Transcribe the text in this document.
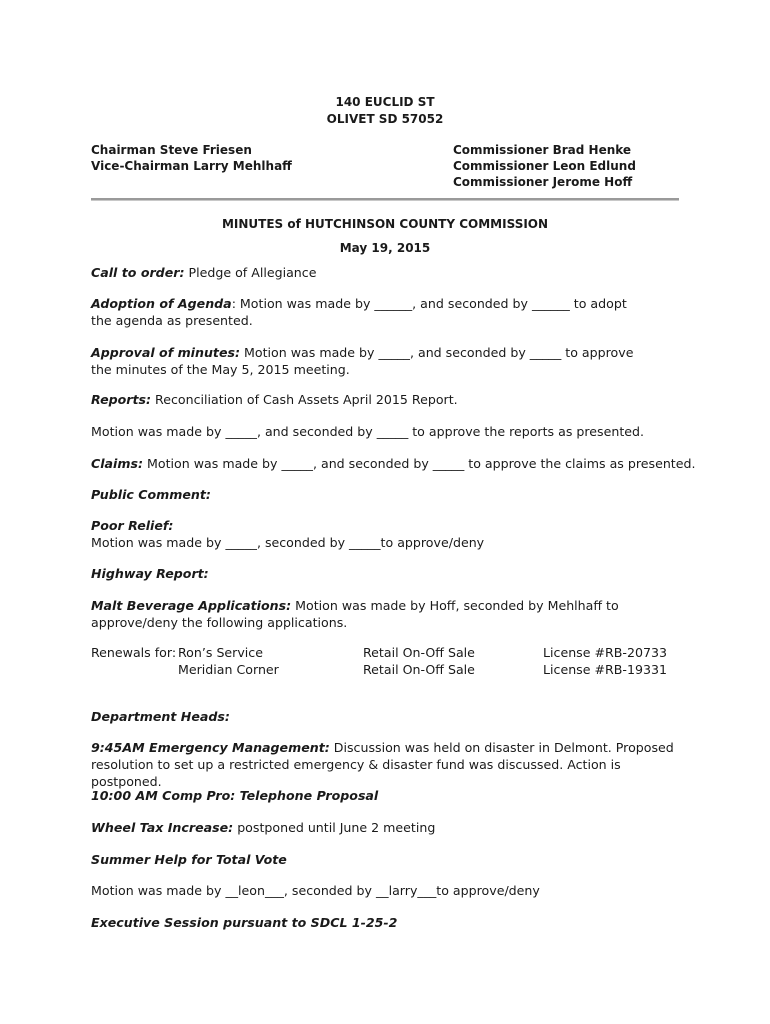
140 EUCLID ST
OLIVET SD 57052
Chairman Steve Friesen
Vice-Chairman Larry Mehlhaff
Commissioner Brad Henke
Commissioner Leon Edlund
Commissioner Jerome Hoff
MINUTES of HUTCHINSON COUNTY COMMISSION
May 19, 2015
Call to order: Pledge of Allegiance
Adoption of Agenda: Motion was made by ______, and seconded by ______ to adopt the agenda as presented.
Approval of minutes: Motion was made by _____, and seconded by _____ to approve the minutes of the May 5, 2015 meeting.
Reports: Reconciliation of Cash Assets April 2015 Report.
Motion was made by _____, and seconded by _____ to approve the reports as presented.
Claims: Motion was made by _____, and seconded by _____ to approve the claims as presented.
Public Comment:
Poor Relief:
Motion was made by _____, seconded by _____to approve/deny
Highway Report:
Malt Beverage Applications: Motion was made by Hoff, seconded by Mehlhaff to approve/deny the following applications.
Renewals for: Ron’s Service	Retail On-Off Sale	License #RB-20733
Meridian Corner	Retail On-Off Sale	License #RB-19331
Department Heads:
9:45AM Emergency Management: Discussion was held on disaster in Delmont. Proposed resolution to set up a restricted emergency & disaster fund was discussed. Action is postponed.
10:00 AM Comp Pro: Telephone Proposal
Wheel Tax Increase: postponed until June 2 meeting
Summer Help for Total Vote
Motion was made by __leon___, seconded by __larry___to approve/deny
Executive Session pursuant to SDCL 1-25-2
